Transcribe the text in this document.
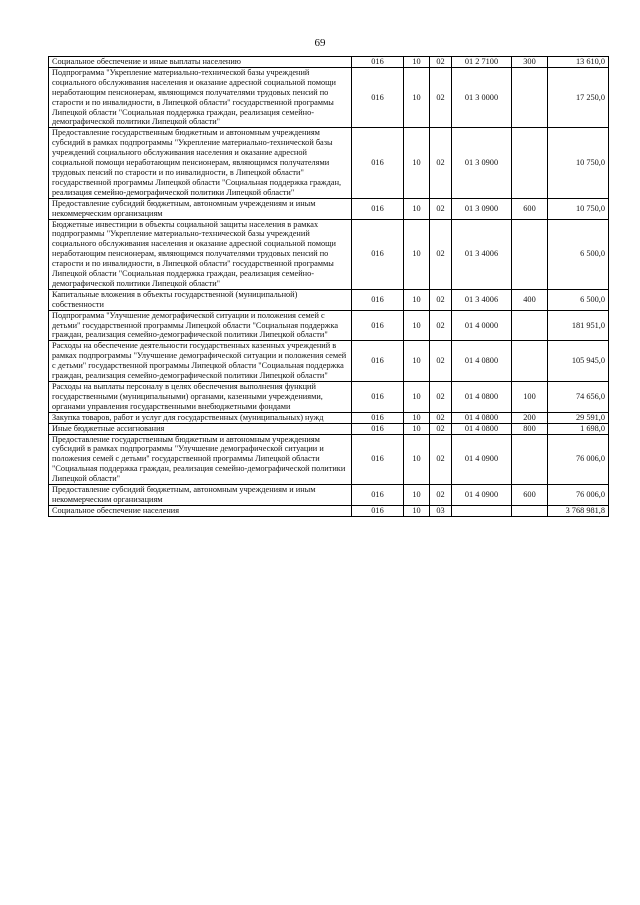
69
Социальное обеспечение и иные выплаты населению	016	10	02	01 2 7100	300	13 610,0
Подпрограмма "Укрепление материально-технической базы учреждений социального обслуживания населения и оказание адресной социальной помощи неработающим пенсионерам, являющимся получателями трудовых пенсий по старости и по инвалидности, в Липецкой области" государственной программы Липецкой области "Социальная поддержка граждан, реализация семейно-демографической политики Липецкой области"	016	10	02	01 3 0000		17 250,0
Предоставление государственным бюджетным и автономным учреждениям субсидий в рамках подпрограммы "Укрепление материально-технической базы учреждений социального обслуживания населения и оказание адресной социальной помощи неработающим пенсионерам, являющимся получателями трудовых пенсий по старости и по инвалидности, в Липецкой области" государственной программы Липецкой области "Социальная поддержка граждан, реализация семейно-демографической политики Липецкой области"	016	10	02	01 3 0900		10 750,0
Предоставление субсидий бюджетным, автономным учреждениям и иным некоммерческим организациям	016	10	02	01 3 0900	600	10 750,0
Бюджетные инвестиции в объекты социальной защиты населения в рамках подпрограммы "Укрепление материально-технической базы учреждений социального обслуживания населения и оказание адресной социальной помощи неработающим пенсионерам, являющимся получателями трудовых пенсий по старости и по инвалидности, в Липецкой области" государственной программы Липецкой области "Социальная поддержка граждан, реализация семейно-демографической политики Липецкой области"	016	10	02	01 3 4006		6 500,0
Капитальные вложения в объекты государственной (муниципальной) собственности	016	10	02	01 3 4006	400	6 500,0
Подпрограмма "Улучшение демографической ситуации и положения семей с детьми" государственной программы Липецкой области "Социальная поддержка граждан, реализация семейно-демографической политики Липецкой области"	016	10	02	01 4 0000		181 951,0
Расходы на обеспечение деятельности государственных казенных учреждений в рамках подпрограммы "Улучшение демографической ситуации и положения семей с детьми" государственной программы Липецкой области "Социальная поддержка граждан, реализация семейно-демографической политики Липецкой области"	016	10	02	01 4 0800		105 945,0
Расходы на выплаты персоналу в целях обеспечения выполнения функций государственными (муниципальными) органами, казенными учреждениями, органами управления государственными внебюджетными фондами	016	10	02	01 4 0800	100	74 656,0
Закупка товаров, работ и услуг для государственных (муниципальных) нужд	016	10	02	01 4 0800	200	29 591,0
Иные бюджетные ассигнования	016	10	02	01 4 0800	800	1 698,0
Предоставление государственным бюджетным и автономным учреждениям субсидий в рамках подпрограммы "Улучшение демографической ситуации и положения семей с детьми" государственной программы Липецкой области "Социальная поддержка граждан, реализация семейно-демографической политики Липецкой области"	016	10	02	01 4 0900		76 006,0
Предоставление субсидий бюджетным, автономным учреждениям и иным некоммерческим организациям	016	10	02	01 4 0900	600	76 006,0
Социальное обеспечение населения	016	10	03			3 768 981,8
